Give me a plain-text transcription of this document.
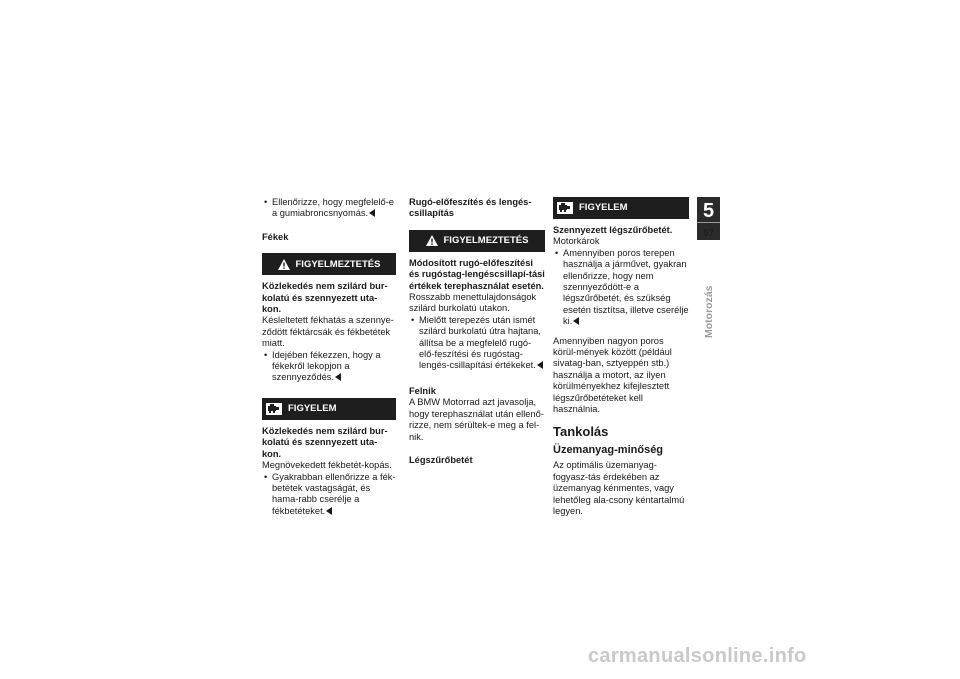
• Ellenőrizze, hogy megfelelő-e a gumiabroncsnyomás.

Fékek

FIGYELMEZTETÉS

Közlekedés nem szilárd bur-kolatú és szennyezett uta-kon.

Késleltetett fékhatás a szennye-ződött féktárcsák és fékbetétek miatt.

• Idejében fékezzen, hogy a fékekről lekopjon a szennyeződés.

FIGYELEM

Közlekedés nem szilárd bur-kolatú és szennyezett uta-kon.

Megnövekedett fékbetét-kopás.

• Gyakrabban ellenőrizze a fék-betétek vastagságát, és hama-rabb cserélje a fékbetéteket.

Rugó-előfeszítés és lengés-csillapítás

FIGYELMEZTETÉS

Módosított rugó-előfeszítési és rugóstag-lengéscsillapí-tási értékek terephasználat esetén.

Rosszabb menettulajdonságok szilárd burkolatú utakon.

• Mielőtt terepezés után ismét szilárd burkolatú útra hajtana, állítsa be a megfelelő rugó-elő-feszítési és rugóstag-lengés-csillapítási értékeket.

Felnik

A BMW Motorrad azt javasolja, hogy terephasználat után ellenő-rizze, nem sérültek-e meg a fel-nik.

Légszűrőbetét

FIGYELEM

Szennyezett légszűrőbetét.

Motorkárok

• Amennyiben poros terepen használja a járművet, gyakran ellenőrizze, hogy nem szennyeződött-e a légszűrőbetét, és szükség esetén tisztítsa, illetve cserélje ki.

Amennyiben nagyon poros körül-mények között (például sivatag-ban, sztyeppén stb.) használja a motort, az ilyen körülményekhez kifejlesztett légszűrőbetéteket kell használnia.

Tankolás

Üzemanyag-minőség

Az optimális üzemanyag-fogyasz-tás érdekében az üzemanyag kénmentes, vagy lehetőleg ala-csony kéntartalmú legyen.

5
97
Motorozás
carmanualsonline.info
